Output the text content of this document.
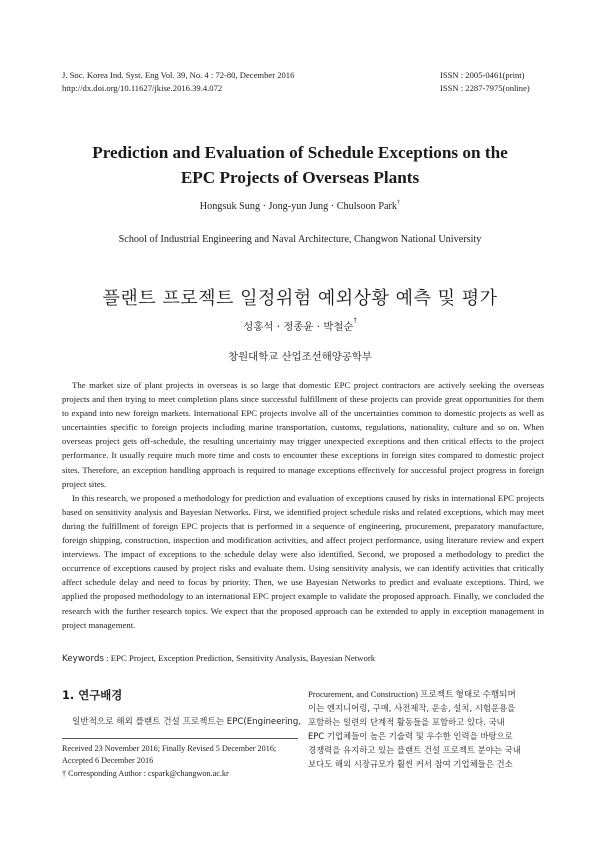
J. Soc. Korea Ind. Syst. Eng Vol. 39, No. 4 : 72-80, December 2016
http://dx.doi.org/10.11627/jkise.2016.39.4.072
ISSN : 2005-0461(print)
ISSN : 2287-7975(online)
Prediction and Evaluation of Schedule Exceptions on the
EPC Projects of Overseas Plants
Hongsuk Sung · Jong-yun Jung · Chulsoon Park†
School of Industrial Engineering and Naval Architecture, Changwon National University
플랜트 프로젝트 일정위험 예외상황 예측 및 평가
성홍석 · 정종윤 · 박철순†
창원대학교 산업조선해양공학부

The market size of plant projects in overseas is so large that domestic EPC project contractors are actively seeking the overseas projects and then trying to meet completion plans since successful fulfillment of these projects can provide great opportunities for them to expand into new foreign markets. International EPC projects involve all of the uncertainties common to domestic projects as well as uncertainties specific to foreign projects including marine transportation, customs, regulations, nationality, culture and so on. When overseas project gets off-schedule, the resulting uncertainty may trigger unexpected exceptions and then critical effects to the project performance. It usually require much more time and costs to encounter these exceptions in foreign sites compared to domestic project sites. Therefore, an exception handling approach is required to manage exceptions effectively for successful project progress in foreign project sites.

In this research, we proposed a methodology for prediction and evaluation of exceptions caused by risks in international EPC projects based on sensitivity analysis and Bayesian Networks. First, we identified project schedule risks and related exceptions, which may meet during the fulfillment of foreign EPC projects that is performed in a sequence of engineering, procurement, preparatory manufacture, foreign shipping, construction, inspection and modification activities, and affect project performance, using literature review and expert interviews. The impact of exceptions to the schedule delay were also identified. Second, we proposed a methodology to predict the occurrence of exceptions caused by project risks and evaluate them. Using sensitivity analysis, we can identify activities that critically affect schedule delay and need to focus by priority. Then, we use Bayesian Networks to predict and evaluate exceptions. Third, we applied the proposed methodology to an international EPC project example to validate the proposed approach. Finally, we concluded the research with the further research topics. We expect that the proposed approach can be extended to apply in exception management in project management.

Keywords : EPC Project, Exception Prediction, Sensitivity Analysis, Bayesian Network
1. 연구배경
일반적으로 해외 플랜트 건설 프로젝트는 EPC(Engineering,
Received 23 November 2016; Finally Revised 5 December 2016;
Accepted 6 December 2016
† Corresponding Author : cspark@changwon.ac.kr
Procurement, and Construction) 프로젝트 형태로 수행되며
이는 엔지니어링, 구매, 사전제작, 운송, 설치, 시험운용을
포함하는 일련의 단계적 활동들을 포함하고 있다. 국내
EPC 기업체들이 높은 기술력 및 우수한 인력을 바탕으로
경쟁력을 유지하고 있는 플랜트 건설 프로젝트 분야는 국내
보다도 해외 시장규모가 훨씬 커서 참여 기업체들은 건소
